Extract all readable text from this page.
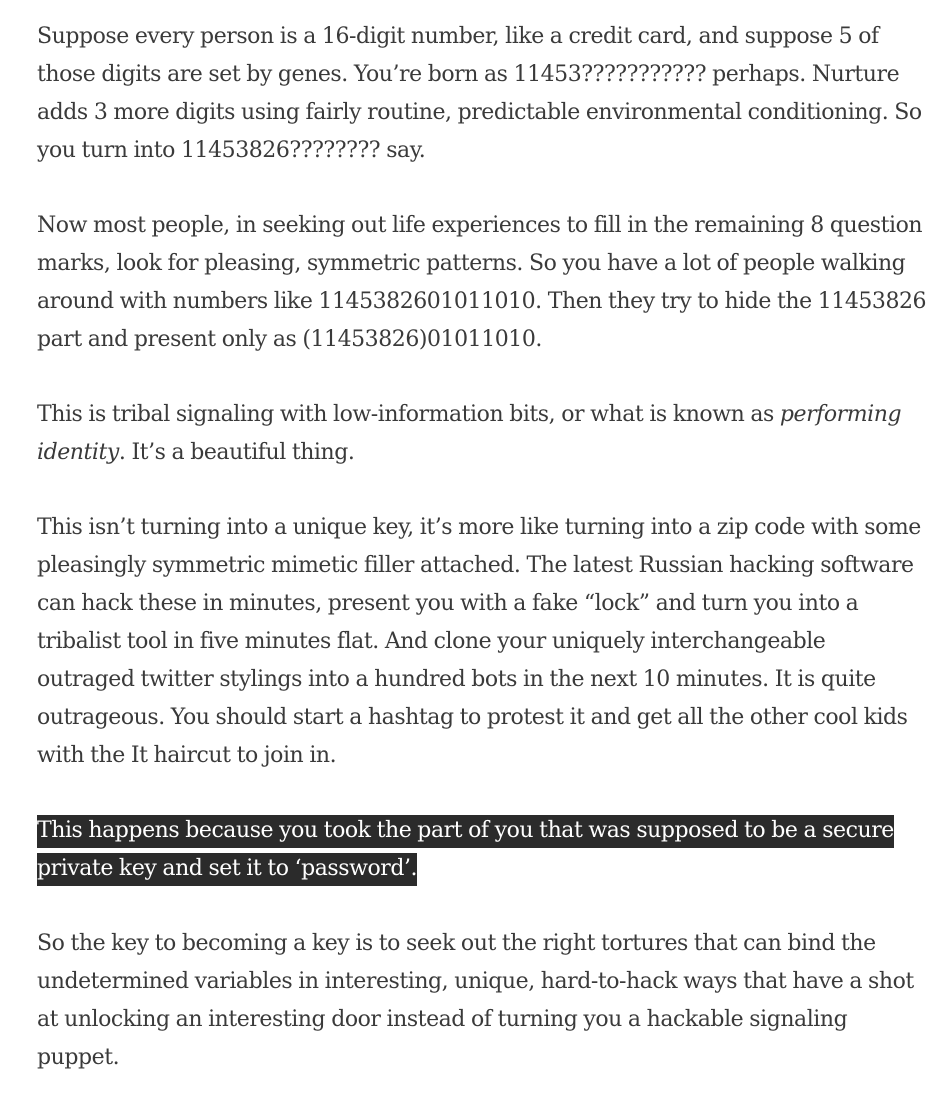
Suppose every person is a 16-digit number, like a credit card, and suppose 5 of those digits are set by genes. You’re born as 11453??????????? perhaps. Nurture adds 3 more digits using fairly routine, predictable environmental conditioning. So you turn into 11453826???????? say.

Now most people, in seeking out life experiences to fill in the remaining 8 question marks, look for pleasing, symmetric patterns. So you have a lot of people walking around with numbers like 1145382601011010. Then they try to hide the 11453826 part and present only as (11453826)01011010.

This is tribal signaling with low-information bits, or what is known as performing identity. It’s a beautiful thing.

This isn’t turning into a unique key, it’s more like turning into a zip code with some pleasingly symmetric mimetic filler attached. The latest Russian hacking software can hack these in minutes, present you with a fake “lock” and turn you into a tribalist tool in five minutes flat. And clone your uniquely interchangeable outraged twitter stylings into a hundred bots in the next 10 minutes. It is quite outrageous. You should start a hashtag to protest it and get all the other cool kids with the It haircut to join in.

This happens because you took the part of you that was supposed to be a secure private key and set it to ‘password’.

So the key to becoming a key is to seek out the right tortures that can bind the undetermined variables in interesting, unique, hard-to-hack ways that have a shot at unlocking an interesting door instead of turning you a hackable signaling puppet.
